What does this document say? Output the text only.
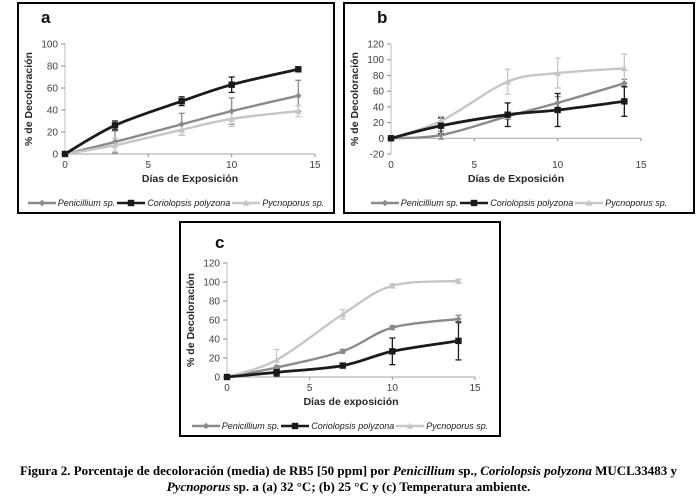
a
0
20
40
60
80
100
0	5	10	15
Días de Exposición
% de Decoloración
Penicillium sp.	Coriolopsis polyzona	Pycnoporus sp.
b
-20
0
20
40
60
80
100
120
0	5	10	15
Días de Exposición
% de Decoloración
Penicillium sp.	Coriolopsis polyzona	Pycnoporus sp.
c
0
20
40
60
80
100
120
0	5	10	15
Días de exposición
% de Decoloración
Penicillium sp.	Coriolopsis polyzona	Pycnoporus sp.
Figura 2. Porcentaje de decoloración (media) de RB5 [50 ppm] por Penicillium sp., Coriolopsis polyzona MUCL33483 y Pycnoporus sp. a (a) 32 °C; (b) 25 °C y (c) Temperatura ambiente.
